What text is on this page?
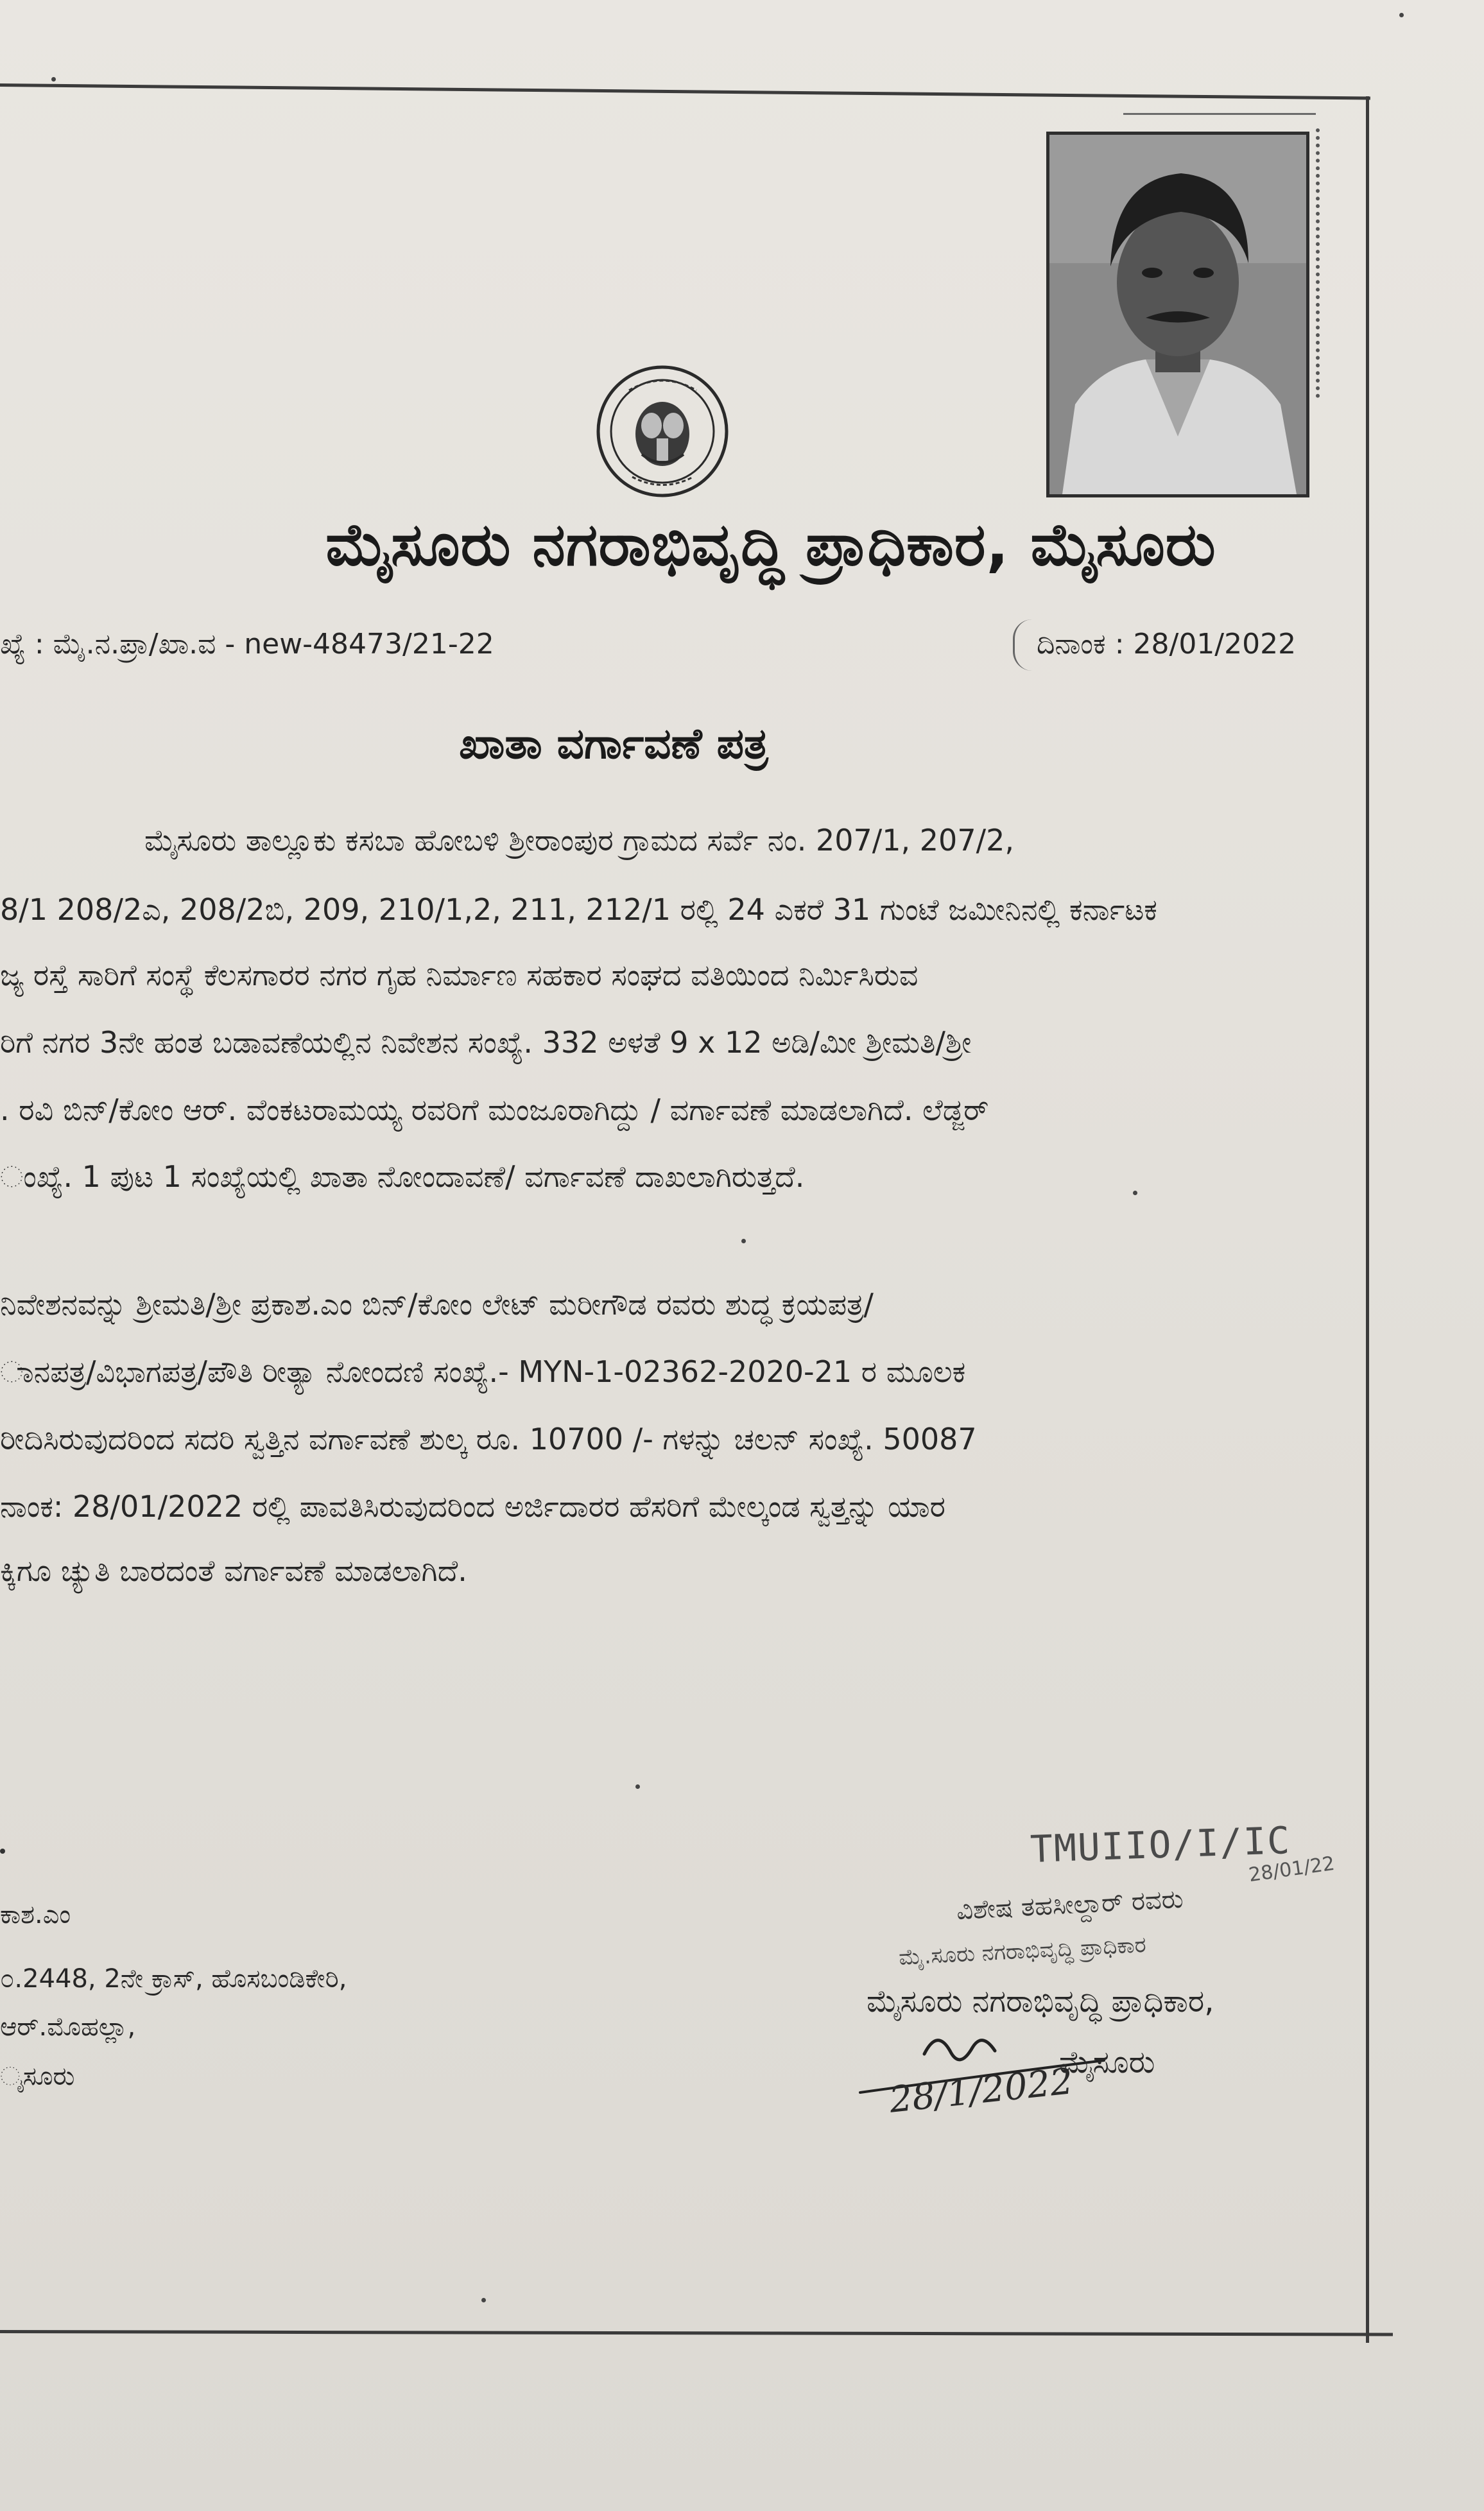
ಮೈಸೂರು ನಗರಾಭಿವೃದ್ಧಿ ಪ್ರಾಧಿಕಾರ, ಮೈಸೂರು
ಖ್ಯೆ : ಮೈ.ನ.ಪ್ರಾ/ಖಾ.ವ - new-48473/21-22	ದಿನಾಂಕ : 28/01/2022
ಖಾತಾ ವರ್ಗಾವಣೆ ಪತ್ರ
ಮೈಸೂರು ತಾಲ್ಲೂಕು ಕಸಬಾ ಹೋಬಳಿ ಶ್ರೀರಾಂಪುರ ಗ್ರಾಮದ ಸರ್ವೆ ನಂ. 207/1, 207/2,
8/1 208/2ಎ, 208/2ಬಿ, 209, 210/1,2, 211, 212/1 ರಲ್ಲಿ 24 ಎಕರೆ 31 ಗುಂಟೆ ಜಮೀನಿನಲ್ಲಿ ಕರ್ನಾಟಕ
ಜ್ಯ ರಸ್ತೆ ಸಾರಿಗೆ ಸಂಸ್ಥೆ ಕೆಲಸಗಾರರ ನಗರ ಗೃಹ ನಿರ್ಮಾಣ ಸಹಕಾರ ಸಂಘದ ವತಿಯಿಂದ ನಿರ್ಮಿಸಿರುವ
ರಿಗೆ ನಗರ 3ನೇ ಹಂತ ಬಡಾವಣೆಯಲ್ಲಿನ ನಿವೇಶನ ಸಂಖ್ಯೆ. 332 ಅಳತೆ 9 x 12 ಅಡಿ/ಮೀ ಶ್ರೀಮತಿ/ಶ್ರೀ
. ರವಿ ಬಿನ್/ಕೋಂ ಆರ್. ವೆಂಕಟರಾಮಯ್ಯ ರವರಿಗೆ ಮಂಜೂರಾಗಿದ್ದು / ವರ್ಗಾವಣೆ ಮಾಡಲಾಗಿದೆ. ಲೆಡ್ಜರ್
ಂಖ್ಯೆ. 1 ಪುಟ 1 ಸಂಖ್ಯೆಯಲ್ಲಿ ಖಾತಾ ನೋಂದಾವಣೆ/ ವರ್ಗಾವಣೆ ದಾಖಲಾಗಿರುತ್ತದೆ.
ನಿವೇಶನವನ್ನು ಶ್ರೀಮತಿ/ಶ್ರೀ ಪ್ರಕಾಶ.ಎಂ ಬಿನ್/ಕೋಂ ಲೇಟ್ ಮರೀಗೌಡ ರವರು ಶುದ್ಧ ಕ್ರಯಪತ್ರ/
ಾನಪತ್ರ/ವಿಭಾಗಪತ್ರ/ಪೌತಿ ರೀತ್ಯಾ ನೋಂದಣಿ ಸಂಖ್ಯೆ.- MYN-1-02362-2020-21 ರ ಮೂಲಕ
ರೀದಿಸಿರುವುದರಿಂದ ಸದರಿ ಸ್ವತ್ತಿನ ವರ್ಗಾವಣೆ ಶುಲ್ಕ ರೂ. 10700 /- ಗಳನ್ನು ಚಲನ್ ಸಂಖ್ಯೆ. 50087
ನಾಂಕ: 28/01/2022 ರಲ್ಲಿ ಪಾವತಿಸಿರುವುದರಿಂದ ಅರ್ಜಿದಾರರ ಹೆಸರಿಗೆ ಮೇಲ್ಕಂಡ ಸ್ವತ್ತನ್ನು ಯಾರ
ಕ್ಕಿಗೂ ಚ್ಯುತಿ ಬಾರದಂತೆ ವರ್ಗಾವಣೆ ಮಾಡಲಾಗಿದೆ.
ಕಾಶ.ಎಂ
೦.2448, 2ನೇ ಕ್ರಾಸ್, ಹೊಸಬಂಡಿಕೇರಿ,
ಆರ್.ಮೊಹಲ್ಲಾ,
ೖಸೂರು
TMUIIO/I/IC
28/01/22
ವಿಶೇಷ ತಹಸೀಲ್ದಾರ್ ರವರು
ಮೈ.ಸೂರು ನಗರಾಭಿವೃದ್ಧಿ ಪ್ರಾಧಿಕಾರ
ಮೈಸೂರು ನಗರಾಭಿವೃದ್ಧಿ ಪ್ರಾಧಿಕಾರ,
ಮೈಸೂರು
28/1/2022
